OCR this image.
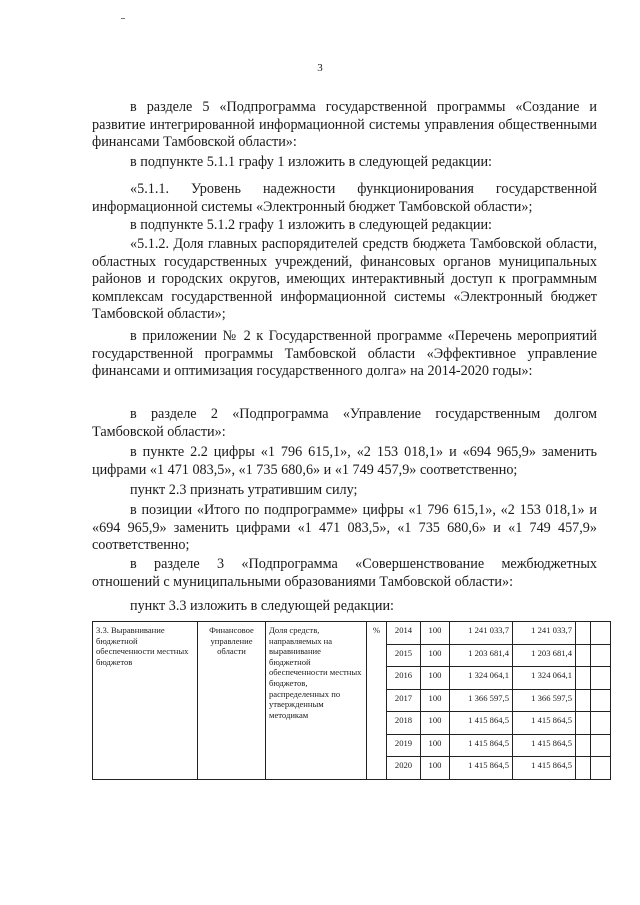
3

в разделе 5 «Подпрограмма государственной программы «Создание и развитие интегрированной информационной системы управления общественными финансами Тамбовской области»:

в подпункте 5.1.1 графу 1 изложить в следующей редакции:

«5.1.1. Уровень надежности функционирования государственной информационной системы «Электронный бюджет Тамбовской области»;

в подпункте 5.1.2 графу 1 изложить в следующей редакции:

«5.1.2. Доля главных распорядителей средств бюджета Тамбовской области, областных государственных учреждений, финансовых органов муниципальных районов и городских округов, имеющих интерактивный доступ к программным комплексам государственной информационной системы «Электронный бюджет Тамбовской области»;

в приложении № 2 к Государственной программе «Перечень мероприятий государственной программы Тамбовской области «Эффективное управление финансами и оптимизация государственного долга» на 2014-2020 годы»:

в разделе 2 «Подпрограмма «Управление государственным долгом Тамбовской области»:

в пункте 2.2 цифры «1 796 615,1», «2 153 018,1» и «694 965,9» заменить цифрами «1 471 083,5», «1 735 680,6» и «1 749 457,9» соответственно;

пункт 2.3 признать утратившим силу;

в позиции «Итого по подпрограмме» цифры «1 796 615,1», «2 153 018,1» и «694 965,9» заменить цифрами «1 471 083,5», «1 735 680,6» и «1 749 457,9» соответственно;

в разделе 3 «Подпрограмма «Совершенствование межбюджетных отношений с муниципальными образованиями Тамбовской области»:

пункт 3.3 изложить в следующей редакции:

3.3. Выравнивание бюджетной обеспеченности местных бюджетов	Финансовое управление области	Доля средств, направляемых на выравнивание бюджетной обеспеченности местных бюджетов, распределенных по утвержденным методикам	%	2014	100	1 241 033,7	1 241 033,7		
				2015	100	1 203 681,4	1 203 681,4		
				2016	100	1 324 064,1	1 324 064,1		
				2017	100	1 366 597,5	1 366 597,5		
				2018	100	1 415 864,5	1 415 864,5		
				2019	100	1 415 864,5	1 415 864,5		
				2020	100	1 415 864,5	1 415 864,5		
